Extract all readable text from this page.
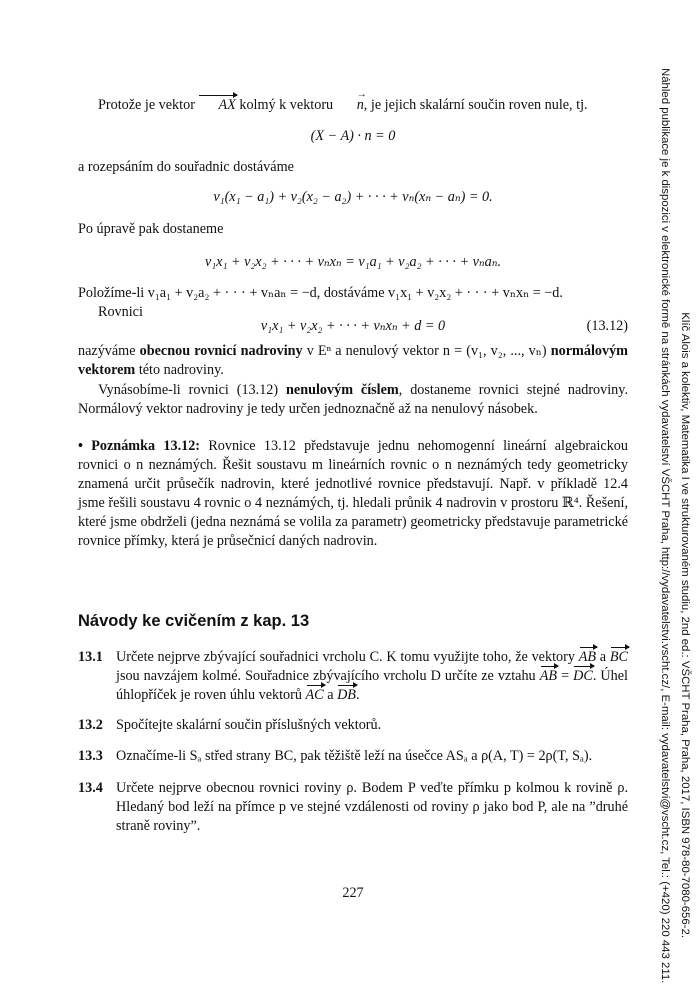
Protože je vektor AX kolmý k vektoru n →, je jejich skalární součin roven nule, tj.
(X − A) · n = 0
a rozepsáním do souřadnic dostáváme
v₁(x₁ − a₁) + v₂(x₂ − a₂) + · · · + vₙ(xₙ − aₙ) = 0.
Po úpravě pak dostaneme
v₁x₁ + v₂x₂ + · · · + vₙxₙ = v₁a₁ + v₂a₂ + · · · + vₙaₙ.
Položíme-li v₁a₁ + v₂a₂ + · · · + vₙaₙ = −d, dostáváme v₁x₁ + v₂x₂ + · · · + vₙxₙ = −d.
Rovnici
v₁x₁ + v₂x₂ + · · · + vₙxₙ + d = 0	(13.12)
nazýváme obecnou rovnicí nadroviny v Eⁿ a nenulový vektor n = (v₁, v₂, ..., vₙ) normálovým vektorem této nadroviny.
Vynásobíme-li rovnici (13.12) nenulovým číslem, dostaneme rovnici stejné nadroviny. Normálový vektor nadroviny je tedy určen jednoznačně až na nenulový násobek.
• Poznámka 13.12: Rovnice 13.12 představuje jednu nehomogenní lineární algebraickou rovnici o n neznámých. Řešit soustavu m lineárních rovnic o n neznámých tedy geometricky znamená určit průsečík nadrovin, které jednotlivé rovnice představují. Např. v příkladě 12.4 jsme řešili soustavu 4 rovnic o 4 neznámých, tj. hledali průnik 4 nadrovin v prostoru ℝ⁴. Řešení, které jsme obdrželi (jedna neznámá se volila za parametr) geometricky představuje parametrické rovnice přímky, která je průsečnicí daných nadrovin.
Návody ke cvičením z kap. 13
13.1 Určete nejprve zbývající souřadnici vrcholu C. K tomu využijte toho, že vektory AB a BC jsou navzájem kolmé. Souřadnice zbývajícího vrcholu D určíte ze vztahu AB = DC. Úhel úhlopříček je roven úhlu vektorů AC a DB.
13.2 Spočítejte skalární součin příslušných vektorů.
13.3 Označíme-li Sₐ střed strany BC, pak těžiště leží na úsečce ASₐ a ρ(A, T) = 2ρ(T, Sₐ).
13.4 Určete nejprve obecnou rovnici roviny ρ. Bodem P veďte přímku p kolmou k rovině ρ. Hledaný bod leží na přímce p ve stejné vzdálenosti od roviny ρ jako bod P, ale na ”druhé straně roviny”.
227	Klíč Alois a kolektiv, Matematika I ve strukturovaném studiu, 2nd ed.: VŠCHT Praha, Praha, 2017, ISBN 978-80-7080-656-2.
Náhled publikace je k dispozici v elektronické formě na stránkách vydavatelství VŠCHT Praha, http://vydavatelstvi.vscht.cz/, E-mail: vydavatelstvi@vscht.cz, Tel.: (+420) 220 443 211.
